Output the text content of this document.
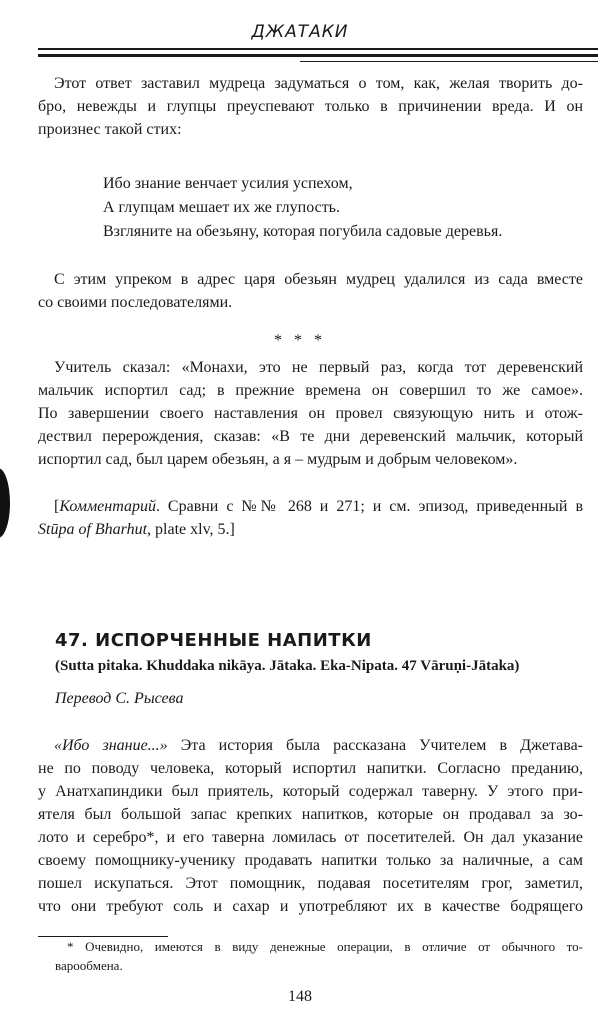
ДЖАТАКИ
Этот ответ заставил мудреца задуматься о том, как, желая творить до-
бро, невежды и глупцы преуспевают только в причинении вреда. И он
произнес такой стих:

Ибо знание венчает усилия успехом,

А глупцам мешает их же глупость.

Взгляните на обезьяну, которая погубила садовые деревья.

С этим упреком в адрес царя обезьян мудрец удалился из сада вместе
со своими последователями.
* * *
Учитель сказал: «Монахи, это не первый раз, когда тот деревенский
мальчик испортил сад; в прежние времена он совершил то же самое».
По завершении своего наставления он провел связующую нить и отож-
дествил перерождения, сказав: «В те дни деревенский мальчик, который
испортил сад, был царем обезьян, а я – мудрым и добрым человеком».
[Комментарий. Сравни с №№ 268 и 271; и см. эпизод, приведенный в
Stūpa of Bharhut, plate xlv, 5.]
47. ИСПОРЧЕННЫЕ НАПИТКИ

(Sutta pitaka. Khuddaka nikāya. Jātaka. Eka-Nipata. 47 Vāruṇi-Jātaka)

Перевод С. Рысева

«Ибо знание...» Эта история была рассказана Учителем в Джетава-
не по поводу человека, который испортил напитки. Согласно преданию,
у Анатхапиндики был приятель, который содержал таверну. У этого при-
ятеля был большой запас крепких напитков, которые он продавал за зо-
лото и серебро*, и его таверна ломилась от посетителей. Он дал указание
своему помощнику-ученику продавать напитки только за наличные, а сам
пошел искупаться. Этот помощник, подавая посетителям грог, заметил,
что они требуют соль и сахар и употребляют их в качестве бодрящего
* Очевидно, имеются в виду денежные операции, в отличие от обычного то-
варообмена.
148
